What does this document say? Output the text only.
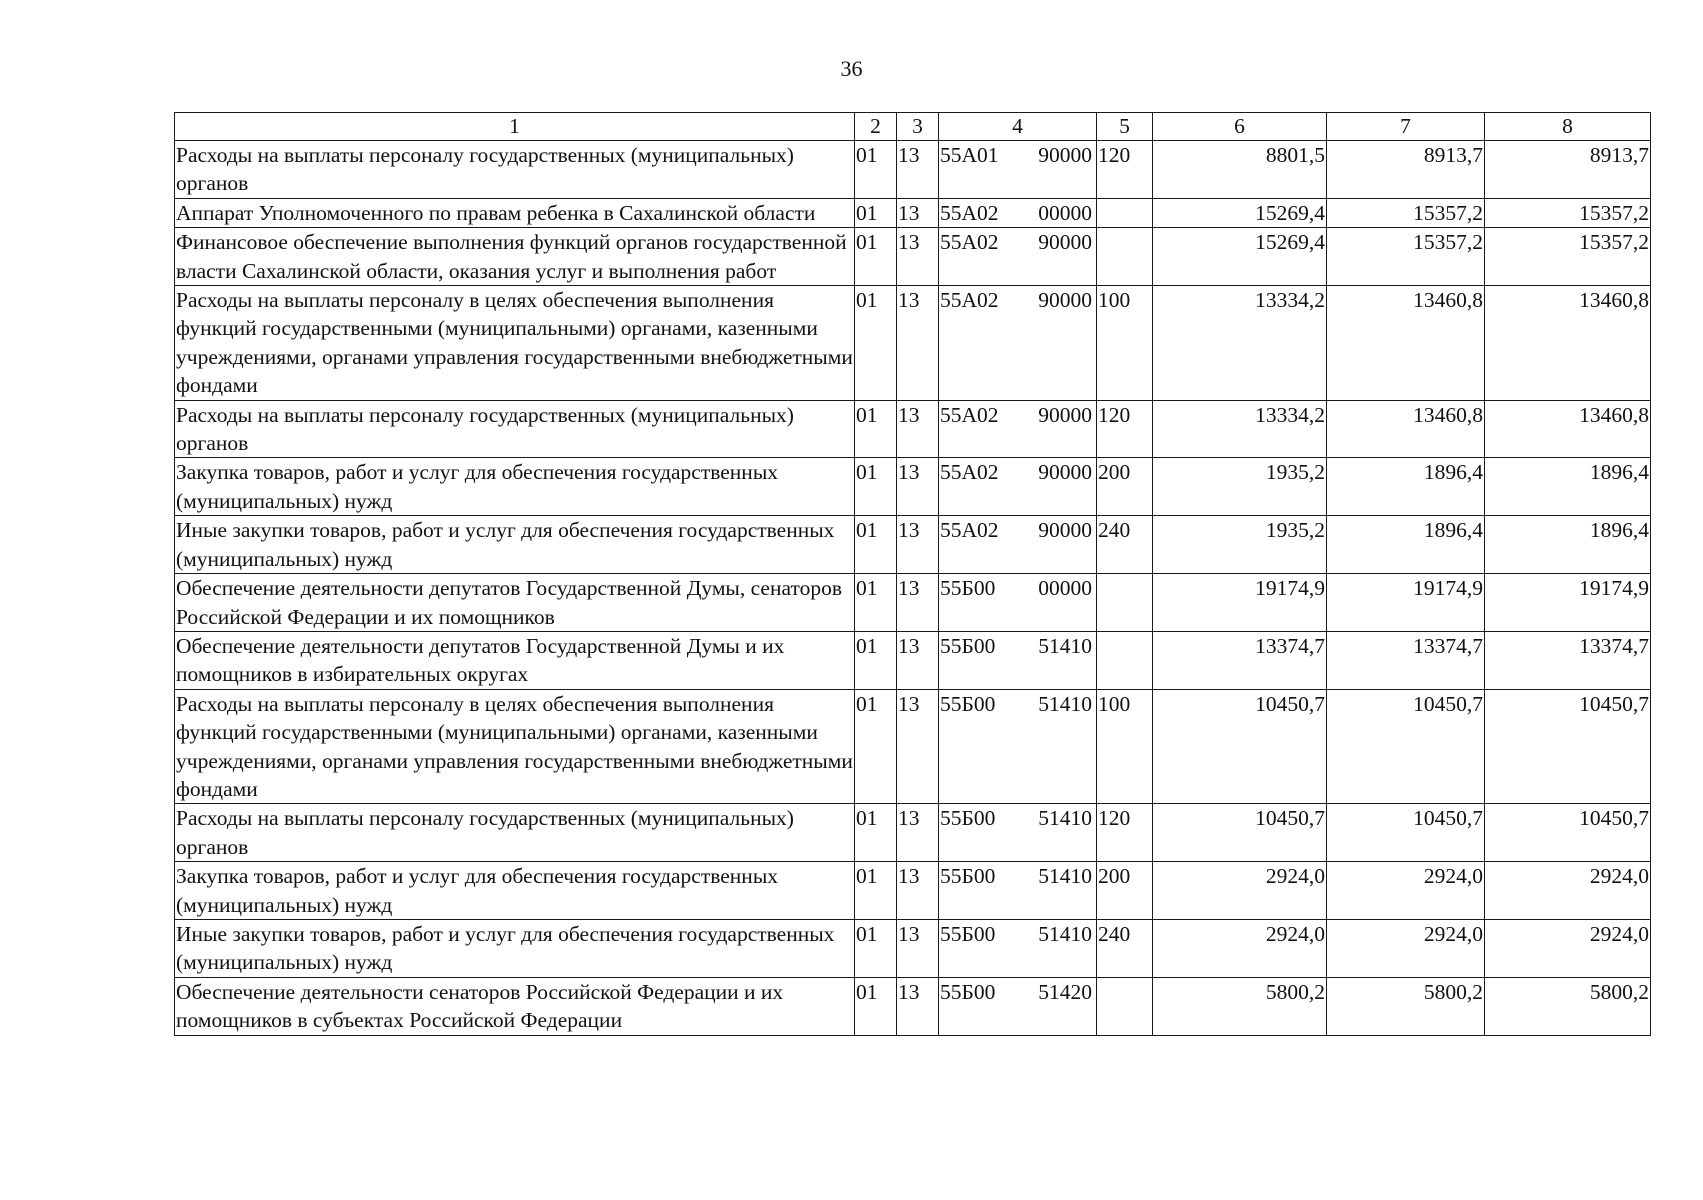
36
1	2	3	4	5	6	7	8
Расходы на выплаты персоналу государственных (муниципальных) органов	01	13	55А01 90000	120	8801,5	8913,7	8913,7
Аппарат Уполномоченного по правам ребенка в Сахалинской области	01	13	55А02 00000		15269,4	15357,2	15357,2
Финансовое обеспечение выполнения функций органов государственной власти Сахалинской области, оказания услуг и выполнения работ	01	13	55А02 90000		15269,4	15357,2	15357,2
Расходы на выплаты персоналу в целях обеспечения выполнения функций государственными (муниципальными) органами, казенными учреждениями, органами управления государственными внебюджетными фондами	01	13	55А02 90000	100	13334,2	13460,8	13460,8
Расходы на выплаты персоналу государственных (муниципальных) органов	01	13	55А02 90000	120	13334,2	13460,8	13460,8
Закупка товаров, работ и услуг для обеспечения государственных (муниципальных) нужд	01	13	55А02 90000	200	1935,2	1896,4	1896,4
Иные закупки товаров, работ и услуг для обеспечения государственных (муниципальных) нужд	01	13	55А02 90000	240	1935,2	1896,4	1896,4
Обеспечение деятельности депутатов Государственной Думы, сенаторов Российской Федерации и их помощников	01	13	55Б00 00000		19174,9	19174,9	19174,9
Обеспечение деятельности депутатов Государственной Думы и их помощников в избирательных округах	01	13	55Б00 51410		13374,7	13374,7	13374,7
Расходы на выплаты персоналу в целях обеспечения выполнения функций государственными (муниципальными) органами, казенными учреждениями, органами управления государственными внебюджетными фондами	01	13	55Б00 51410	100	10450,7	10450,7	10450,7
Расходы на выплаты персоналу государственных (муниципальных) органов	01	13	55Б00 51410	120	10450,7	10450,7	10450,7
Закупка товаров, работ и услуг для обеспечения государственных (муниципальных) нужд	01	13	55Б00 51410	200	2924,0	2924,0	2924,0
Иные закупки товаров, работ и услуг для обеспечения государственных (муниципальных) нужд	01	13	55Б00 51410	240	2924,0	2924,0	2924,0
Обеспечение деятельности сенаторов Российской Федерации и их помощников в субъектах Российской Федерации	01	13	55Б00 51420		5800,2	5800,2	5800,2
